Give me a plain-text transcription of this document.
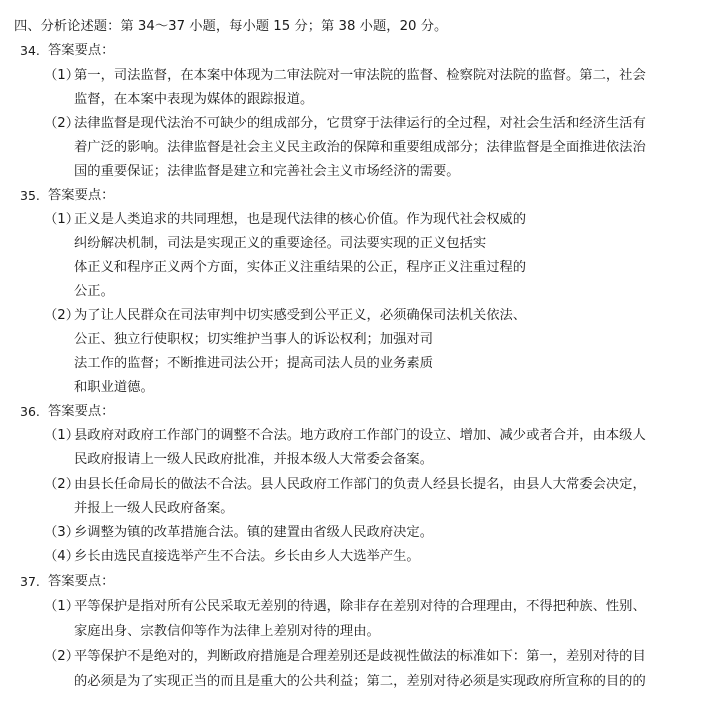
四、分析论述题：第 34～37 小题，每小题 15 分；第 38 小题，20 分。
34. 答案要点：
（1）
第一，司法监督，在本案中体现为二审法院对一审法院的监督、检察院对法院的监督。第二，社会
监督，在本案中表现为媒体的跟踪报道。
（2）
法律监督是现代法治不可缺少的组成部分，它贯穿于法律运行的全过程，对社会生活和经济生活有
着广泛的影响。法律监督是社会主义民主政治的保障和重要组成部分；法律监督是全面推进依法治
国的重要保证；法律监督是建立和完善社会主义市场经济的需要。
35. 答案要点：
（1）
正义是人类追求的共同理想，也是现代法律的核心价值。作为现代社会权威的
纠纷解决机制，司法是实现正义的重要途径。司法要实现的正义包括实
体正义和程序正义两个方面，实体正义注重结果的公正，程序正义注重过程的
公正。
（2）
为了让人民群众在司法审判中切实感受到公平正义，必须确保司法机关依法、
公正、独立行使职权；切实维护当事人的诉讼权利；加强对司
法工作的监督；不断推进司法公开；提高司法人员的业务素质
和职业道德。
36. 答案要点：
（1）
县政府对政府工作部门的调整不合法。地方政府工作部门的设立、增加、减少或者合并，由本级人
民政府报请上一级人民政府批准，并报本级人大常委会备案。
（2）
由县长任命局长的做法不合法。县人民政府工作部门的负责人经县长提名，由县人大常委会决定，
并报上一级人民政府备案。
（3）
乡调整为镇的改革措施合法。镇的建置由省级人民政府决定。
（4）
乡长由选民直接选举产生不合法。乡长由乡人大选举产生。
37. 答案要点：
（1）
平等保护是指对所有公民采取无差别的待遇，除非存在差别对待的合理理由，不得把种族、性别、
家庭出身、宗教信仰等作为法律上差别对待的理由。
（2）
平等保护不是绝对的，判断政府措施是合理差别还是歧视性做法的标准如下：第一，差别对待的目
的必须是为了实现正当的而且是重大的公共利益；第二，差别对待必须是实现政府所宣称的目的的
